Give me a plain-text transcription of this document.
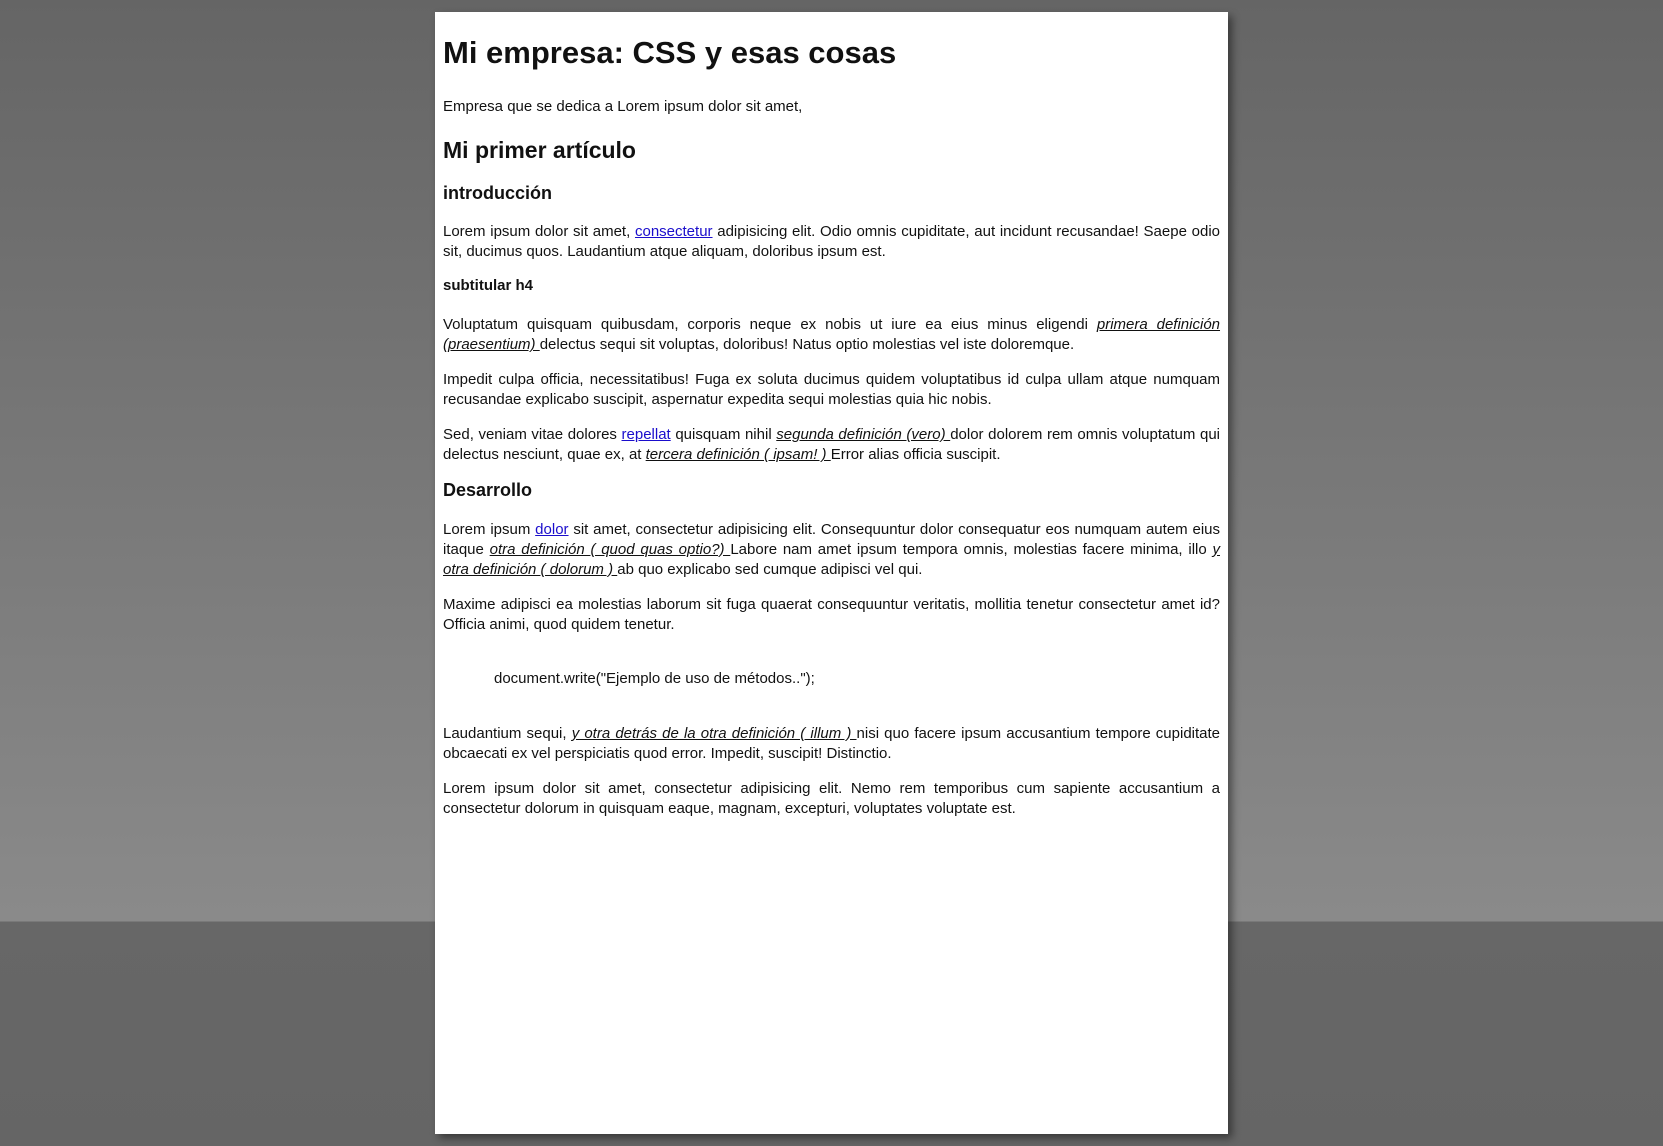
Mi empresa: CSS y esas cosas

Empresa que se dedica a Lorem ipsum dolor sit amet,

Mi primer artículo
introducción

Lorem ipsum dolor sit amet, consectetur adipisicing elit. Odio omnis cupiditate, aut incidunt recusandae! Saepe odio sit, ducimus quos. Laudantium atque aliquam, doloribus ipsum est.

subtitular h4

Voluptatum quisquam quibusdam, corporis neque ex nobis ut iure ea eius minus eligendi primera definición (praesentium) delectus sequi sit voluptas, doloribus! Natus optio molestias vel iste doloremque.

Impedit culpa officia, necessitatibus! Fuga ex soluta ducimus quidem voluptatibus id culpa ullam atque numquam recusandae explicabo suscipit, aspernatur expedita sequi molestias quia hic nobis.

Sed, veniam vitae dolores repellat quisquam nihil segunda definición (vero) dolor dolorem rem omnis voluptatum qui delectus nesciunt, quae ex, at tercera definición ( ipsam! ) Error alias officia suscipit.

Desarrollo

Lorem ipsum dolor sit amet, consectetur adipisicing elit. Consequuntur dolor consequatur eos numquam autem eius itaque otra definición ( quod quas optio?) Labore nam amet ipsum tempora omnis, molestias facere minima, illo y otra definición ( dolorum ) ab quo explicabo sed cumque adipisci vel qui.

Maxime adipisci ea molestias laborum sit fuga quaerat consequuntur veritatis, mollitia tenetur consectetur amet id? Officia animi, quod quidem tenetur.

document.write("Ejemplo de uso de métodos..");

Laudantium sequi, y otra detrás de la otra definición ( illum ) nisi quo facere ipsum accusantium tempore cupiditate obcaecati ex vel perspiciatis quod error. Impedit, suscipit! Distinctio.

Lorem ipsum dolor sit amet, consectetur adipisicing elit. Nemo rem temporibus cum sapiente accusantium a consectetur dolorum in quisquam eaque, magnam, excepturi, voluptates voluptate est.
